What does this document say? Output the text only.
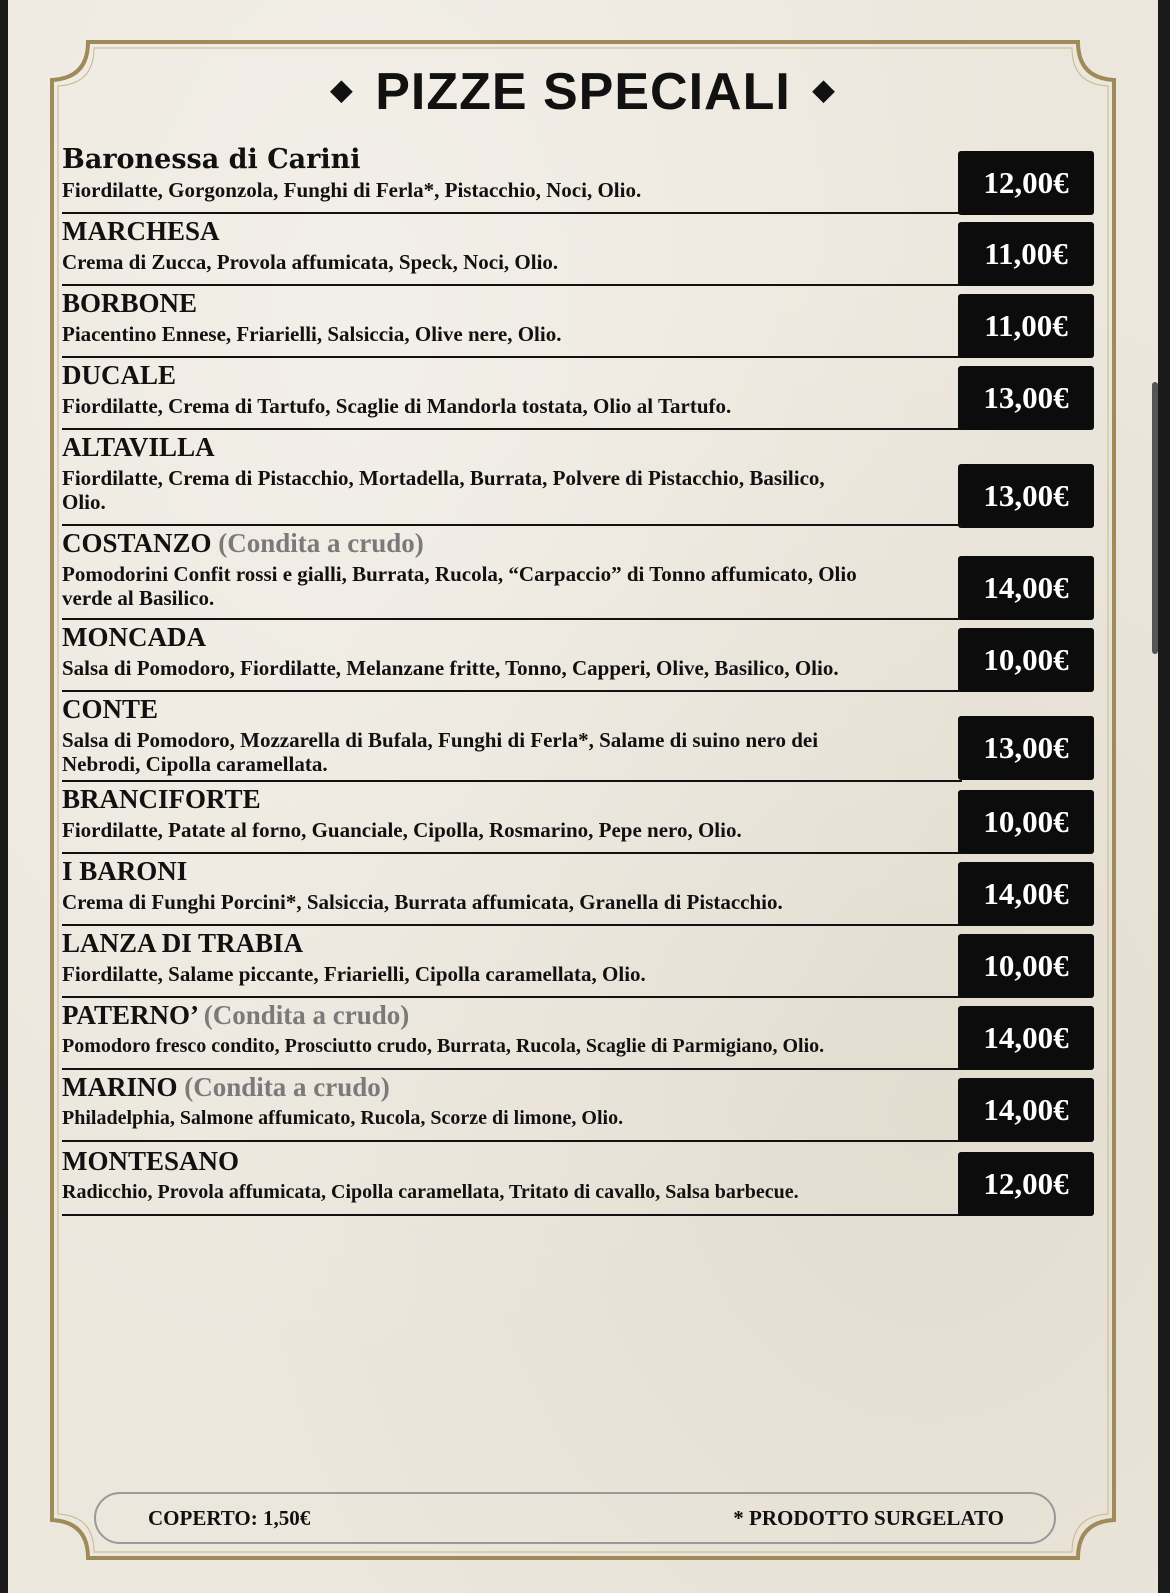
◆ PIZZE SPECIALI ◆
Baronessa di Carini
Fiordilatte, Gorgonzola, Funghi di Ferla*, Pistacchio, Noci, Olio.	12,00€
MARCHESA
Crema di Zucca, Provola affumicata, Speck, Noci, Olio.	11,00€
BORBONE
Piacentino Ennese, Friarielli, Salsiccia, Olive nere, Olio.	11,00€
DUCALE
Fiordilatte, Crema di Tartufo, Scaglie di Mandorla tostata, Olio al Tartufo.	13,00€
ALTAVILLA
Fiordilatte, Crema di Pistacchio, Mortadella, Burrata, Polvere di Pistacchio, Basilico, Olio.	13,00€
COSTANZO (Condita a crudo)
Pomodorini Confit rossi e gialli, Burrata, Rucola, “Carpaccio” di Tonno affumicato, Olio verde al Basilico.	14,00€
MONCADA
Salsa di Pomodoro, Fiordilatte, Melanzane fritte, Tonno, Capperi, Olive, Basilico, Olio.	10,00€
CONTE
Salsa di Pomodoro, Mozzarella di Bufala, Funghi di Ferla*, Salame di suino nero dei Nebrodi, Cipolla caramellata.	13,00€
BRANCIFORTE
Fiordilatte, Patate al forno, Guanciale, Cipolla, Rosmarino, Pepe nero, Olio.	10,00€
I BARONI
Crema di Funghi Porcini*, Salsiccia, Burrata affumicata, Granella di Pistacchio.	14,00€
LANZA DI TRABIA
Fiordilatte, Salame piccante, Friarielli, Cipolla caramellata, Olio.	10,00€
PATERNO’ (Condita a crudo)
Pomodoro fresco condito, Prosciutto crudo, Burrata, Rucola, Scaglie di Parmigiano, Olio.	14,00€
MARINO (Condita a crudo)
Philadelphia, Salmone affumicato, Rucola, Scorze di limone, Olio.	14,00€
MONTESANO
Radicchio, Provola affumicata, Cipolla caramellata, Tritato di cavallo, Salsa barbecue.	12,00€
COPERTO: 1,50€	* PRODOTTO SURGELATO
